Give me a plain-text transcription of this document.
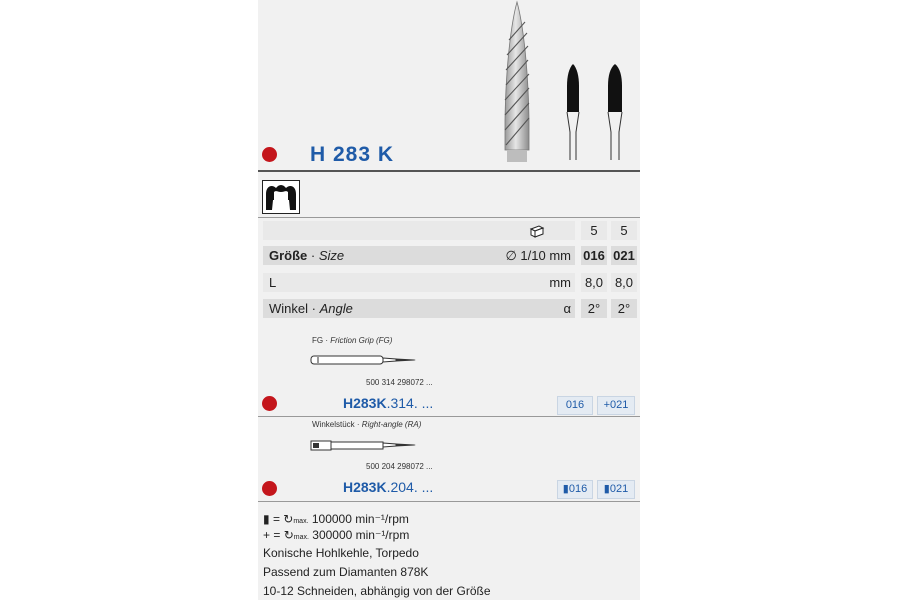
H 283 K
5	5
Größe · Size	∅ 1/10 mm 016 021
L	mm	8,0 8,0
Winkel · Angle	α	2°	2°
FG · Friction Grip (FG)
500 314 298072 ...
H283K.314. ...	016	+021
Winkelstück · Right-angle (RA)
500 204 298072 ...
H283K.204. ...	▮016	▮021
▮ = ↻max. 100000 min⁻¹/rpm
+ = ↻max. 300000 min⁻¹/rpm
Konische Hohlkehle, Torpedo
Passend zum Diamanten 878K
10-12 Schneiden, abhängig von der Größe
